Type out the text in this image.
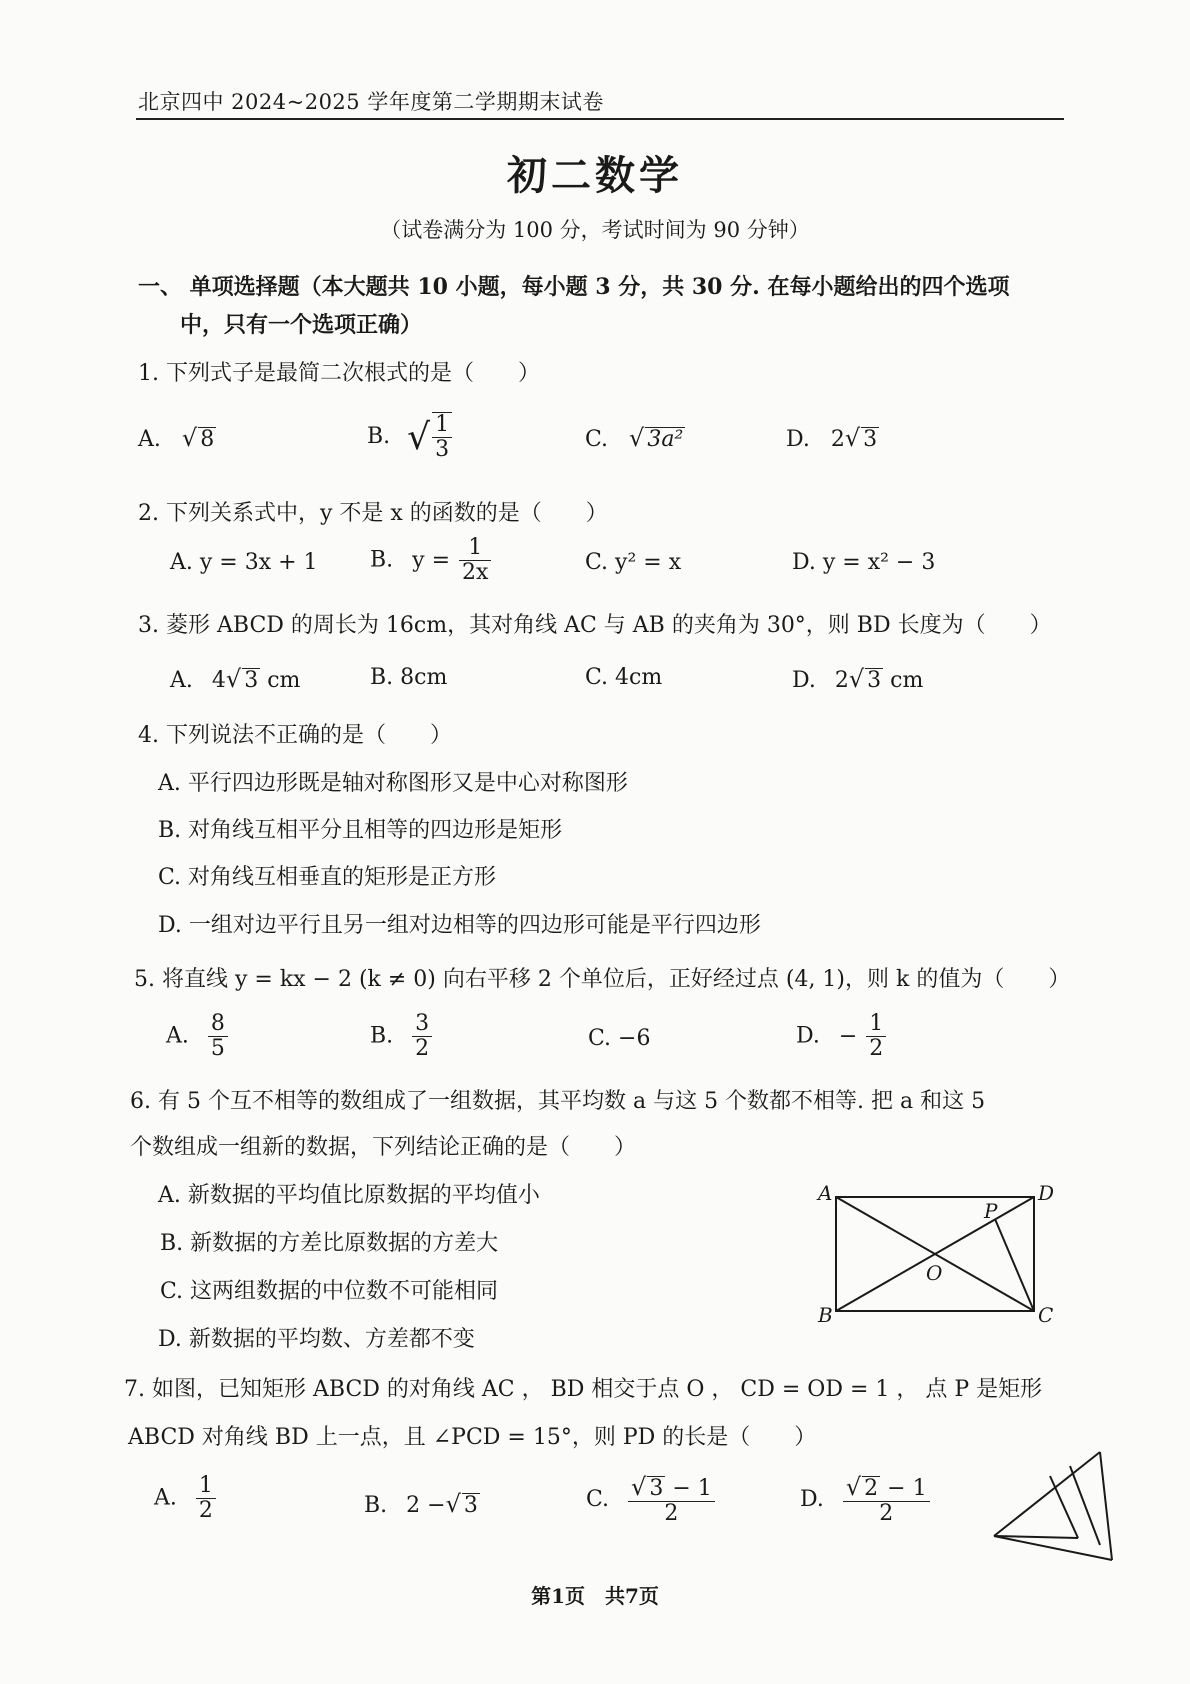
北京四中 2024~2025 学年度第二学期期末试卷
初二数学
（试卷满分为 100 分，考试时间为 90 分钟）
一、 单项选择题（本大题共 10 小题，每小题 3 分，共 30 分. 在每小题给出的四个选项
中，只有一个选项正确）
1. 下列式子是最简二次根式的是（　　）
A. √ 8	B. √ $\frac{1}{3}$	C. √ 3a²	D. 2√ 3
2. 下列关系式中，y 不是 x 的函数的是（　　）
A. y = 3x + 1 B. $y = \frac{1}{2x}$	C. y² = x	D. y = x² − 3
3. 菱形 ABCD 的周长为 16cm，其对角线 AC 与 AB 的夹角为 30°，则 BD 长度为（　　）
A. 4√ 3 cm	B. 8cm	C. 4cm	D. 2√ 3 cm
4. 下列说法不正确的是（　　）
A. 平行四边形既是轴对称图形又是中心对称图形
B. 对角线互相平分且相等的四边形是矩形
C. 对角线互相垂直的矩形是正方形
D. 一组对边平行且另一组对边相等的四边形可能是平行四边形
5. 将直线 y = kx − 2 (k ≠ 0) 向右平移 2 个单位后，正好经过点 (4, 1)，则 k 的值为（　　）
A. $\frac{8}{5}$	B. $\frac{3}{2}$	C. −6	D. − $\frac{1}{2}$
6. 有 5 个互不相等的数组成了一组数据，其平均数 a 与这 5 个数都不相等. 把 a 和这 5
个数组成一组新的数据，下列结论正确的是（　　）
A. 新数据的平均值比原数据的平均值小
B. 新数据的方差比原数据的方差大
C. 这两组数据的中位数不可能相同
D. 新数据的平均数、方差都不变
A	D
B	C
O
P
7. 如图，已知矩形 ABCD 的对角线 AC ， BD 相交于点 O ， CD = OD = 1 ， 点 P 是矩形
ABCD 对角线 BD 上一点，且 ∠PCD = 15°，则 PD 的长是（　　）
A. $\frac{1}{2}$	B. 2 −√ 3	C. $\frac{√ 3 - 1}{2}$	D. $\frac{√ 2 - 1}{2}$
第1页　共7页
